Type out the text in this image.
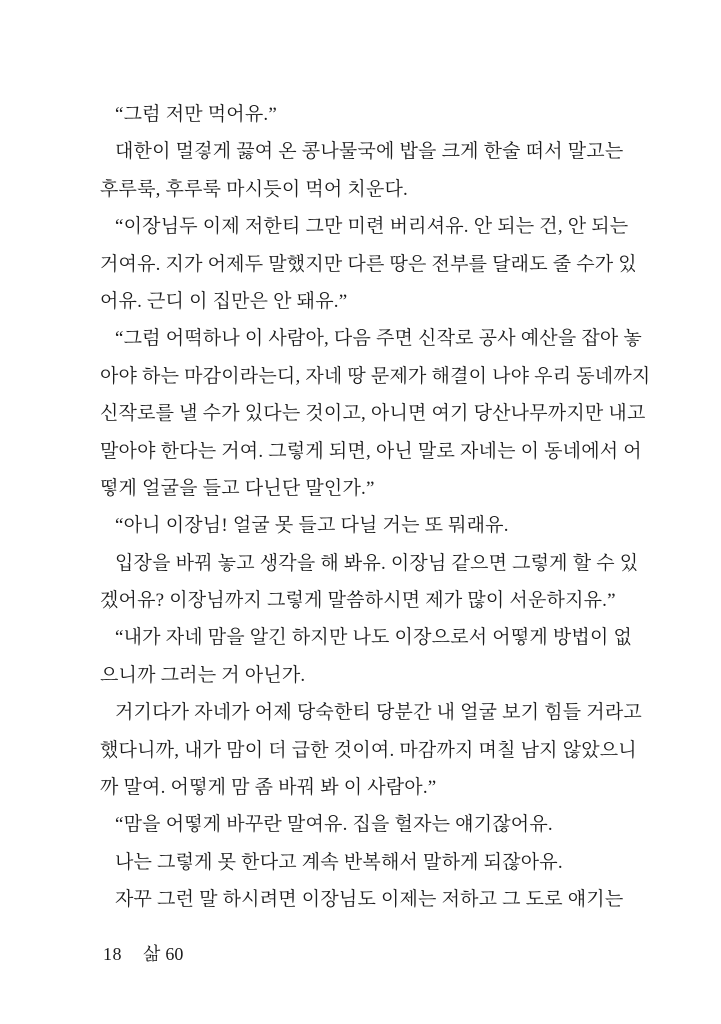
“그럼 저만 먹어유.”
대한이 멀겋게 끓여 온 콩나물국에 밥을 크게 한술 떠서 말고는
후루룩, 후루룩 마시듯이 먹어 치운다.
“이장님두 이제 저한티 그만 미련 버리셔유. 안 되는 건, 안 되는
거여유. 지가 어제두 말했지만 다른 땅은 전부를 달래도 줄 수가 있
어유. 근디 이 집만은 안 돼유.”
“그럼 어떡하나 이 사람아, 다음 주면 신작로 공사 예산을 잡아 놓
아야 하는 마감이라는디, 자네 땅 문제가 해결이 나야 우리 동네까지
신작로를 낼 수가 있다는 것이고, 아니면 여기 당산나무까지만 내고
말아야 한다는 거여. 그렇게 되면, 아닌 말로 자네는 이 동네에서 어
떻게 얼굴을 들고 다닌단 말인가.”
“아니 이장님! 얼굴 못 들고 다닐 거는 또 뭐래유.
입장을 바꿔 놓고 생각을 해 봐유. 이장님 같으면 그렇게 할 수 있
겠어유? 이장님까지 그렇게 말씀하시면 제가 많이 서운하지유.”
“내가 자네 맘을 알긴 하지만 나도 이장으로서 어떻게 방법이 없
으니까 그러는 거 아닌가.
거기다가 자네가 어제 당숙한티 당분간 내 얼굴 보기 힘들 거라고
했다니까, 내가 맘이 더 급한 것이여. 마감까지 며칠 남지 않았으니
까 말여. 어떻게 맘 좀 바꿔 봐 이 사람아.”
“맘을 어떻게 바꾸란 말여유. 집을 헐자는 얘기잖어유.
나는 그렇게 못 한다고 계속 반복해서 말하게 되잖아유.
자꾸 그런 말 하시려면 이장님도 이제는 저하고 그 도로 얘기는
18 삶 60
